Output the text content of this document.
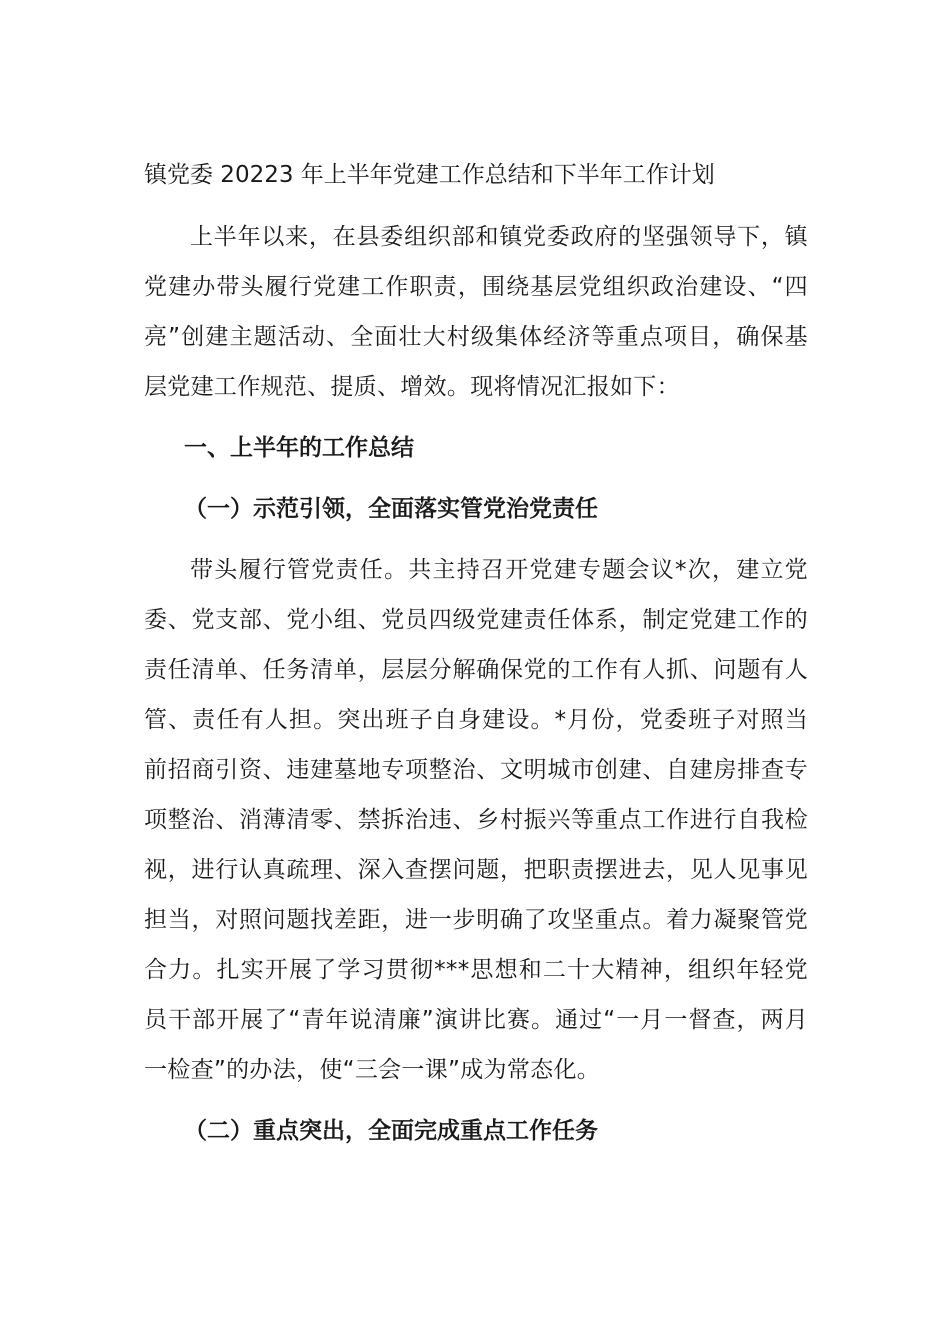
镇党委 20223 年上半年党建工作总结和下半年工作计划

上半年以来，在县委组织部和镇党委政府的坚强领导下，镇党建办带头履行党建工作职责，围绕基层党组织政治建设、“四亮”创建主题活动、全面壮大村级集体经济等重点项目，确保基层党建工作规范、提质、增效。现将情况汇报如下：

一、上半年的工作总结
（一）示范引领，全面落实管党治党责任

带头履行管党责任。共主持召开党建专题会议*次，建立党委、党支部、党小组、党员四级党建责任体系，制定党建工作的责任清单、任务清单，层层分解确保党的工作有人抓、问题有人管、责任有人担。突出班子自身建设。*月份，党委班子对照当前招商引资、违建墓地专项整治、文明城市创建、自建房排查专项整治、消薄清零、禁拆治违、乡村振兴等重点工作进行自我检视，进行认真疏理、深入查摆问题，把职责摆进去，见人见事见担当，对照问题找差距，进一步明确了攻坚重点。着力凝聚管党合力。扎实开展了学习贯彻***思想和二十大精神，组织年轻党员干部开展了“青年说清廉”演讲比赛。通过“一月一督查，两月一检查”的办法，使“三会一课”成为常态化。

（二）重点突出，全面完成重点工作任务
